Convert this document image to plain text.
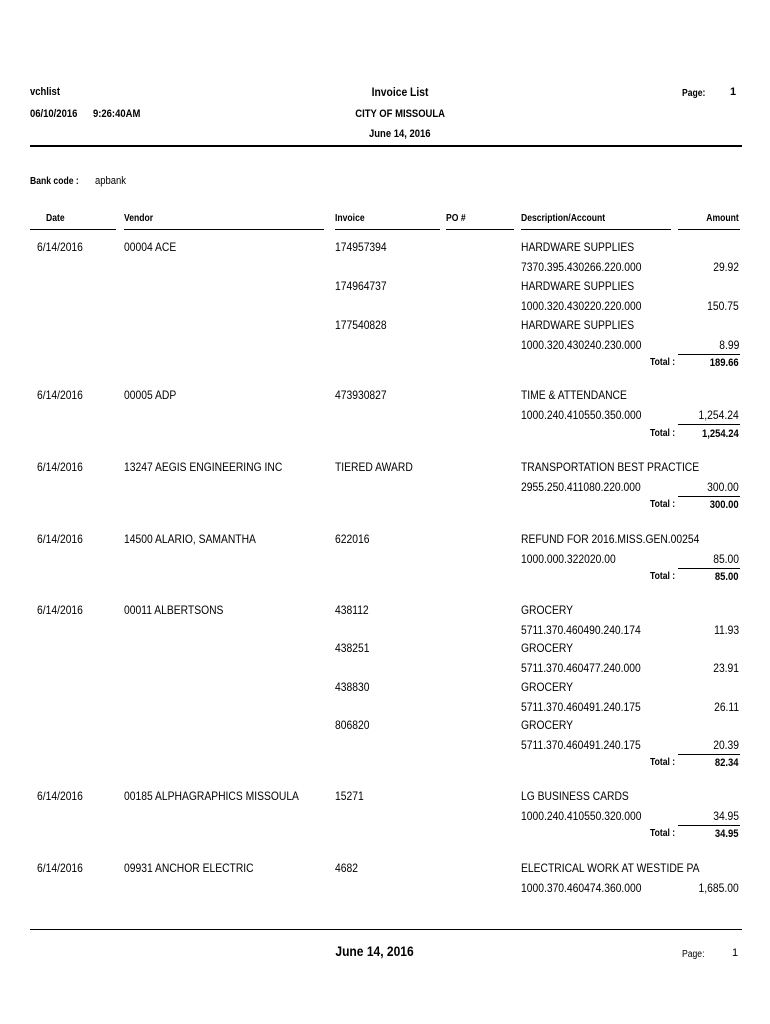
vchlist
06/10/2016	9:26:40AM
Invoice List
CITY OF MISSOULA
June 14, 2016
Page:	1
Bank code :	apbank
Date	Vendor	Invoice	PO #	Description/Account	Amount
6/14/2016	00004 ACE	174957394	HARDWARE SUPPLIES
7370.395.430266.220.000	29.92
174964737	HARDWARE SUPPLIES
1000.320.430220.220.000	150.75
177540828	HARDWARE SUPPLIES
1000.320.430240.230.000	8.99
Total :	189.66
6/14/2016	00005 ADP	473930827	TIME & ATTENDANCE
1000.240.410550.350.000	1,254.24
Total :	1,254.24
6/14/2016	13247 AEGIS ENGINEERING INC	TIERED AWARD	TRANSPORTATION BEST PRACTICE
2955.250.411080.220.000	300.00
Total :	300.00
6/14/2016	14500 ALARIO, SAMANTHA	622016	REFUND FOR 2016.MISS.GEN.00254
1000.000.322020.00	85.00
Total :	85.00
6/14/2016	00011 ALBERTSONS	438112	GROCERY
5711.370.460490.240.174	11.93
438251	GROCERY
5711.370.460477.240.000	23.91
438830	GROCERY
5711.370.460491.240.175	26.11
806820	GROCERY
5711.370.460491.240.175	20.39
Total :	82.34
6/14/2016	00185 ALPHAGRAPHICS MISSOULA	15271	LG BUSINESS CARDS
1000.240.410550.320.000	34.95
Total :	34.95
6/14/2016	09931 ANCHOR ELECTRIC	4682	ELECTRICAL WORK AT WESTIDE PA
1000.370.460474.360.000	1,685.00
June 14, 2016	Page:	1
